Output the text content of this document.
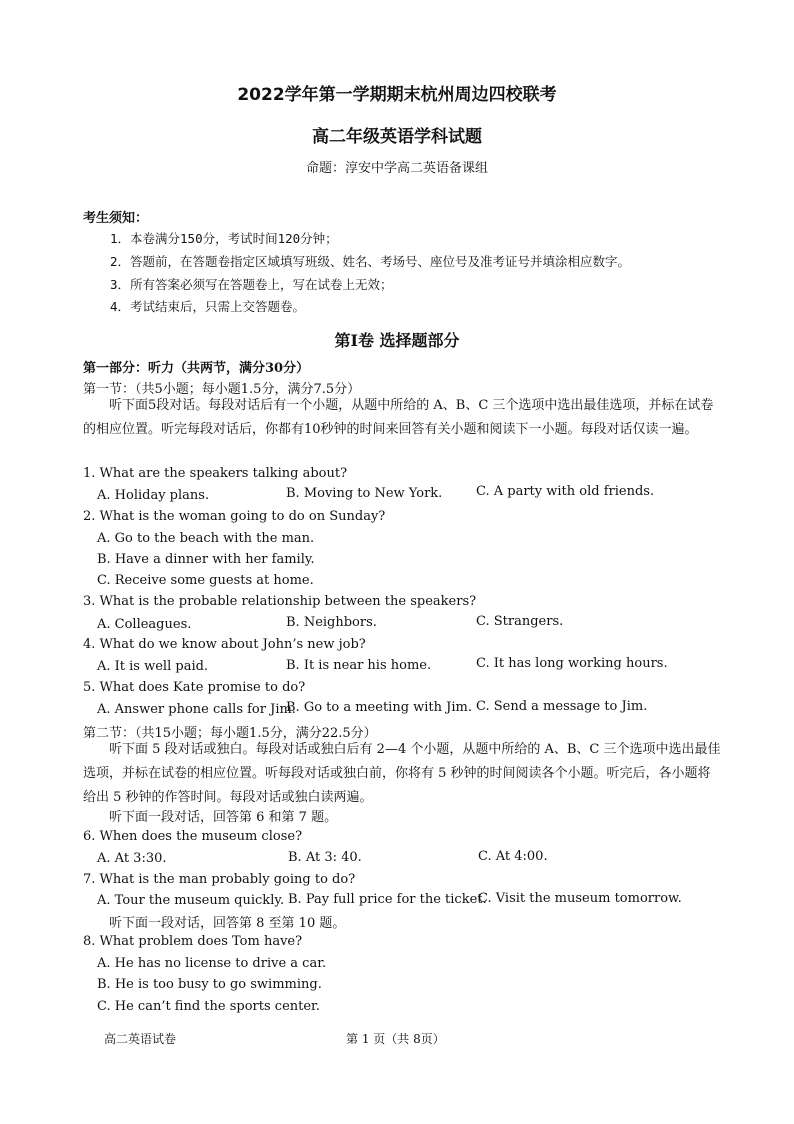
2022学年第一学期期末杭州周边四校联考
高二年级英语学科试题
命题：淳安中学高二英语备课组
考生须知：
1．本卷满分150分，考试时间120分钟；
2．答题前，在答题卷指定区域填写班级、姓名、考场号、座位号及准考证号并填涂相应数字。
3．所有答案必须写在答题卷上，写在试卷上无效；
4．考试结束后，只需上交答题卷。
第Ⅰ卷 选择题部分
第一部分：听力（共两节，满分30分）
第一节：（共5小题；每小题1.5分，满分7.5分）
听下面5段对话。每段对话后有一个小题，从题中所给的 A、B、C 三个选项中选出最佳选项，并标在试卷的相应位置。听完每段对话后，你都有10秒钟的时间来回答有关小题和阅读下一小题。每段对话仅读一遍。
1. What are the speakers talking about?
A. Holiday plans.	B. Moving to New York.	C. A party with old friends.
2. What is the woman going to do on Sunday?
A. Go to the beach with the man.
B. Have a dinner with her family.
C. Receive some guests at home.
3. What is the probable relationship between the speakers?
A. Colleagues.	B. Neighbors.	C. Strangers.
4. What do we know about John’s new job?
A. It is well paid.	B. It is near his home.	C. It has long working hours.
5. What does Kate promise to do?
A. Answer phone calls for Jim.
B. Go to a meeting with Jim. C. Send a message to Jim.
第二节：（共15小题；每小题1.5分，满分22.5分）
听下面 5 段对话或独白。每段对话或独白后有 2—4 个小题，从题中所给的 A、B、C 三个选项中选出最佳选项，并标在试卷的相应位置。听每段对话或独白前，你将有 5 秒钟的时间阅读各个小题。听完后，各小题将给出 5 秒钟的作答时间。每段对话或独白读两遍。
听下面一段对话，回答第 6 和第 7 题。
6. When does the museum close?
A. At 3:30.	B. At 3: 40.	C. At 4:00.
7. What is the man probably going to do?
A. Tour the museum quickly. B. Pay full price for the ticket.
C. Visit the museum tomorrow.
听下面一段对话，回答第 8 至第 10 题。
8. What problem does Tom have?
A. He has no license to drive a car.
B. He is too busy to go swimming.
C. He can’t find the sports center.
高二英语试卷	第 1 页（共 8页）
